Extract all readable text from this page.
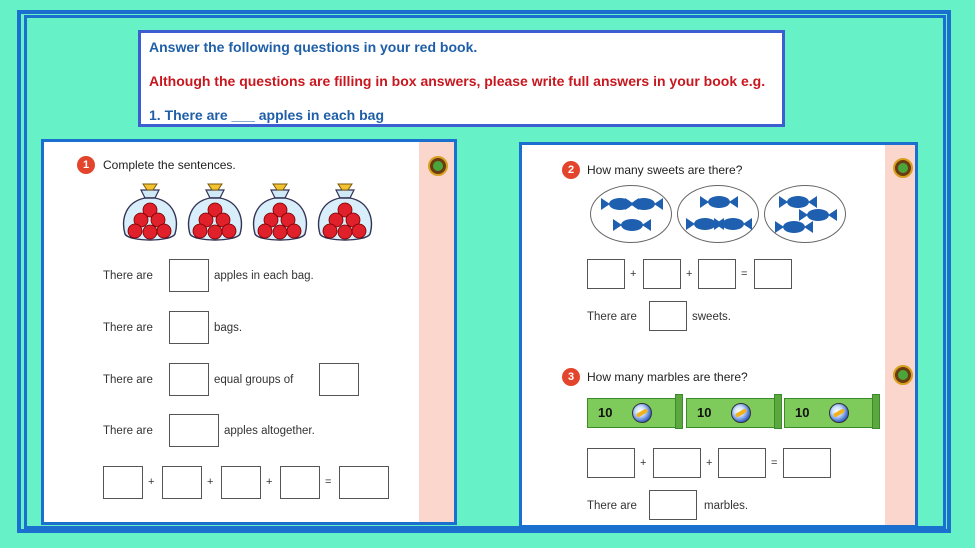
Answer the following questions in your red book.

Although the questions are filling in box answers, please write full answers in your book e.g.

1. There are ___ apples in each bag

1	Complete the sentences.
There are	apples in each bag.
There are	bags.
There are	equal groups of
There are	apples altogether.
+	+	+	=
2	How many sweets are there?
+	+	=
There are	sweets.
3	How many marbles are there?
10	10	10
+	+	=
There are	marbles.
